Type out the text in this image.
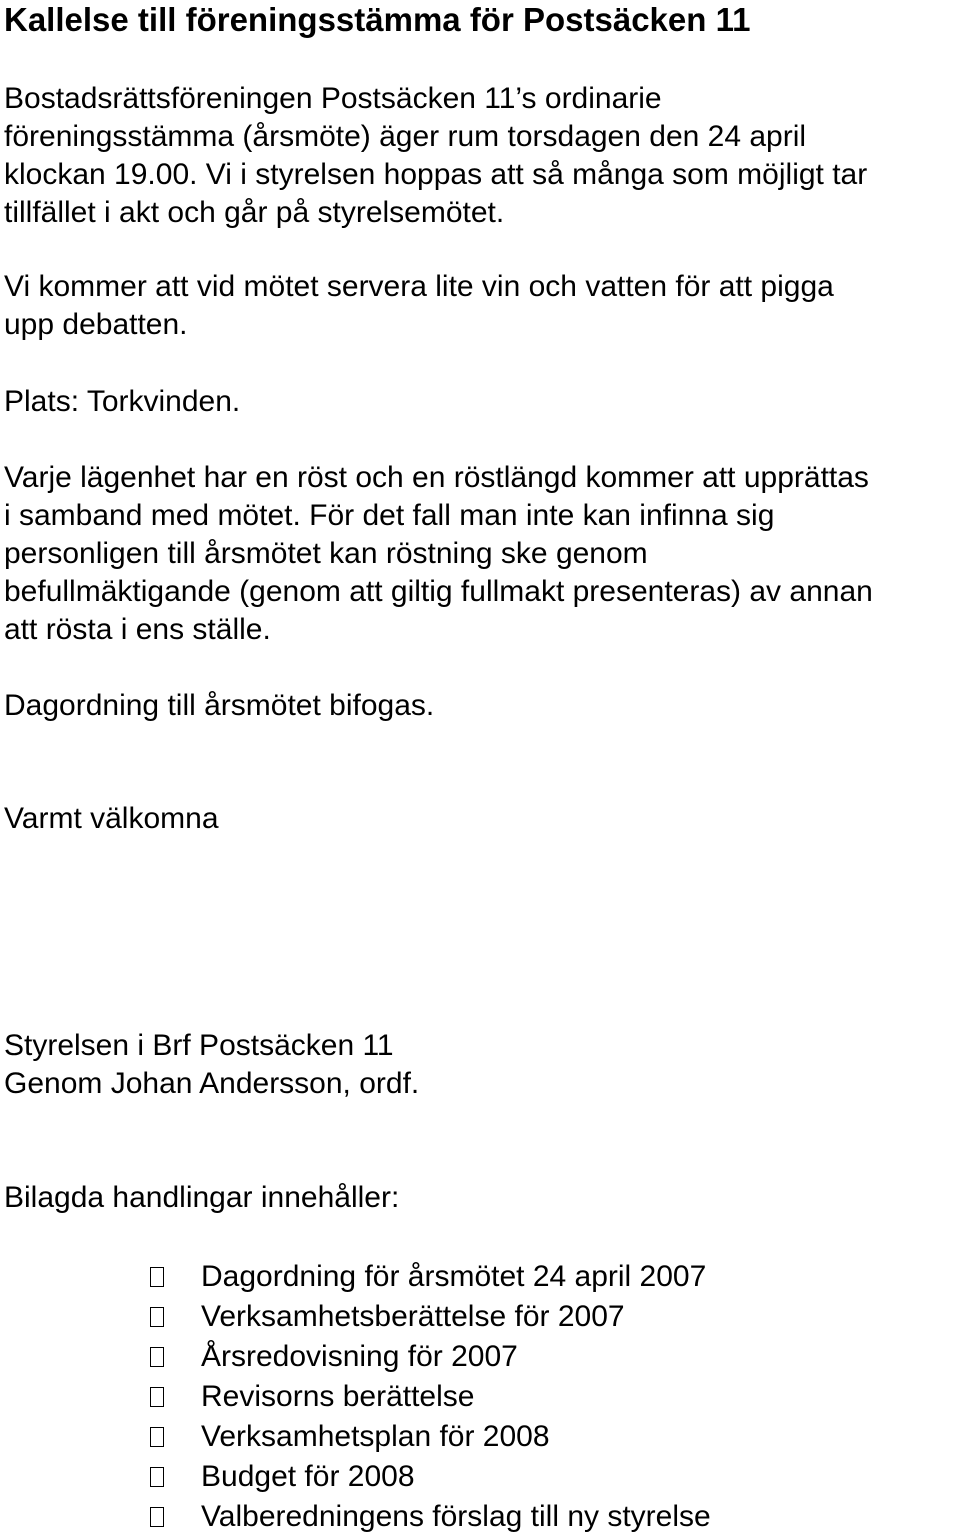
Kallelse till föreningsstämma för Postsäcken 11

Bostadsrättsföreningen Postsäcken 11’s ordinarie

föreningsstämma (årsmöte) äger rum torsdagen den 24 april

klockan 19.00. Vi i styrelsen hoppas att så många som möjligt tar

tillfället i akt och går på styrelsemötet.

Vi kommer att vid mötet servera lite vin och vatten för att pigga

upp debatten.

Plats: Torkvinden.

Varje lägenhet har en röst och en röstlängd kommer att upprättas

i samband med mötet. För det fall man inte kan infinna sig

personligen till årsmötet kan röstning ske genom

befullmäktigande (genom att giltig fullmakt presenteras) av annan

att rösta i ens ställe.

Dagordning till årsmötet bifogas.

Varmt välkomna

Styrelsen i Brf Postsäcken 11

Genom Johan Andersson, ordf.

Bilagda handlingar innehåller:

Dagordning för årsmötet 24 april 2007
Verksamhetsberättelse för 2007
Årsredovisning för 2007
Revisorns berättelse
Verksamhetsplan för 2008
Budget för 2008
Valberedningens förslag till ny styrelse
